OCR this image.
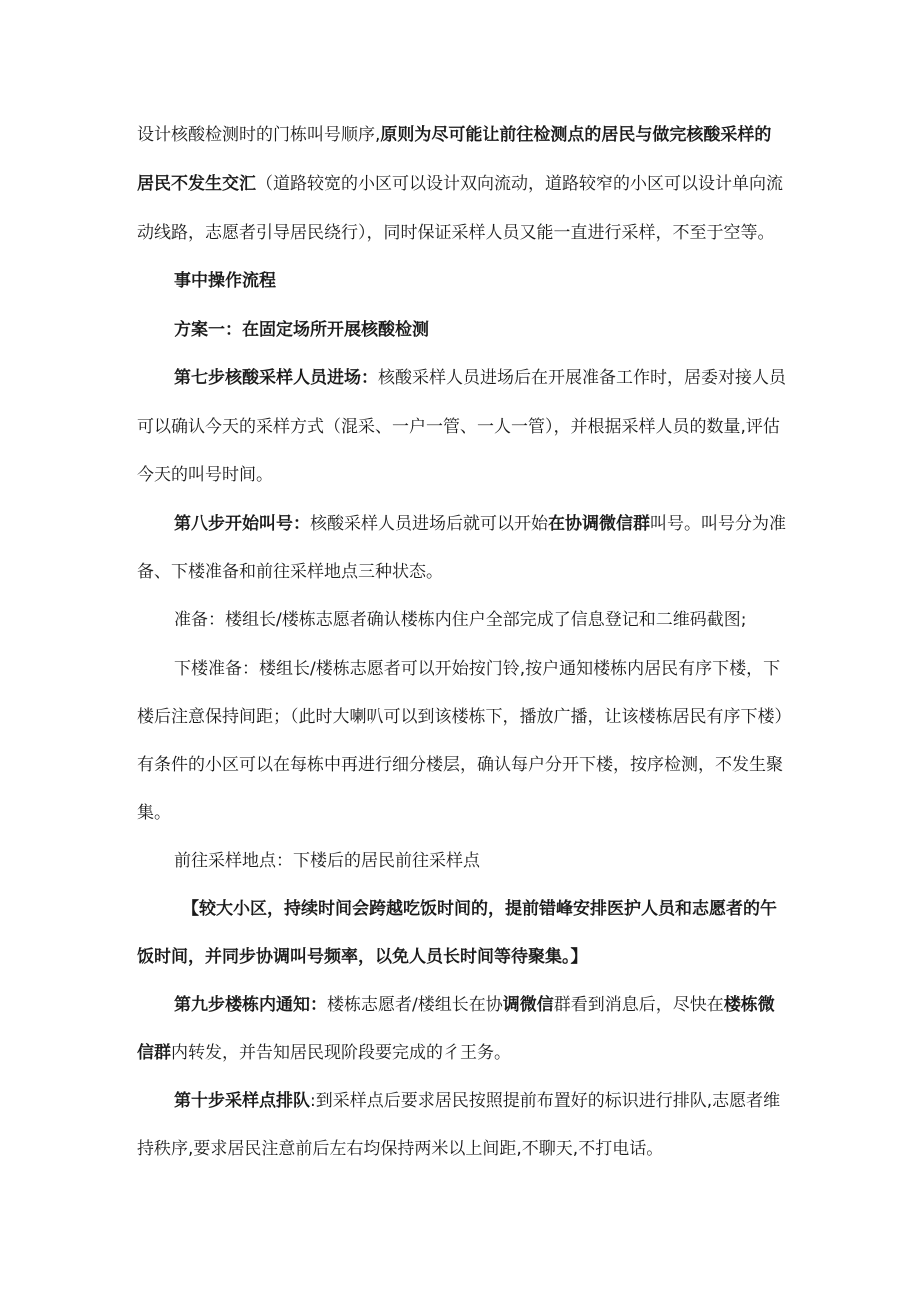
设计核酸检测时的门栋叫号顺序,原则为尽可能让前往检测点的居民与做完核酸采样的
居民不发生交汇（道路较宽的小区可以设计双向流动，道路较窄的小区可以设计单向流
动线路，志愿者引导居民绕行），同时保证采样人员又能一直进行采样，不至于空等。
事中操作流程
方案一：在固定场所开展核酸检测
第七步核酸采样人员进场：核酸采样人员进场后在开展准备工作时，居委对接人员
可以确认今天的采样方式（混采、一户一管、一人一管），并根据采样人员的数量,评估
今天的叫号时间。
第八步开始叫号：核酸采样人员进场后就可以开始在协调微信群叫号。叫号分为准
备、下楼准备和前往采样地点三种状态。
准备：楼组长/楼栋志愿者确认楼栋内住户全部完成了信息登记和二维码截图;
下楼准备：楼组长/楼栋志愿者可以开始按门铃,按户通知楼栋内居民有序下楼，下
楼后注意保持间距；（此时大喇叭可以到该楼栋下，播放广播，让该楼栋居民有序下楼）
有条件的小区可以在每栋中再进行细分楼层，确认每户分开下楼，按序检测，不发生聚
集。
前往采样地点：下楼后的居民前往采样点
【较大小区，持续时间会跨越吃饭时间的，提前错峰安排医护人员和志愿者的午
饭时间，并同步协调叫号频率，以免人员长时间等待聚集。】
第九步楼栋内通知：楼栋志愿者/楼组长在协调微信群看到消息后，尽快在楼栋微
信群内转发，并告知居民现阶段要完成的彳王务。
第十步采样点排队:到采样点后要求居民按照提前布置好的标识进行排队,志愿者维
持秩序,要求居民注意前后左右均保持两米以上间距,不聊天,不打电话。
